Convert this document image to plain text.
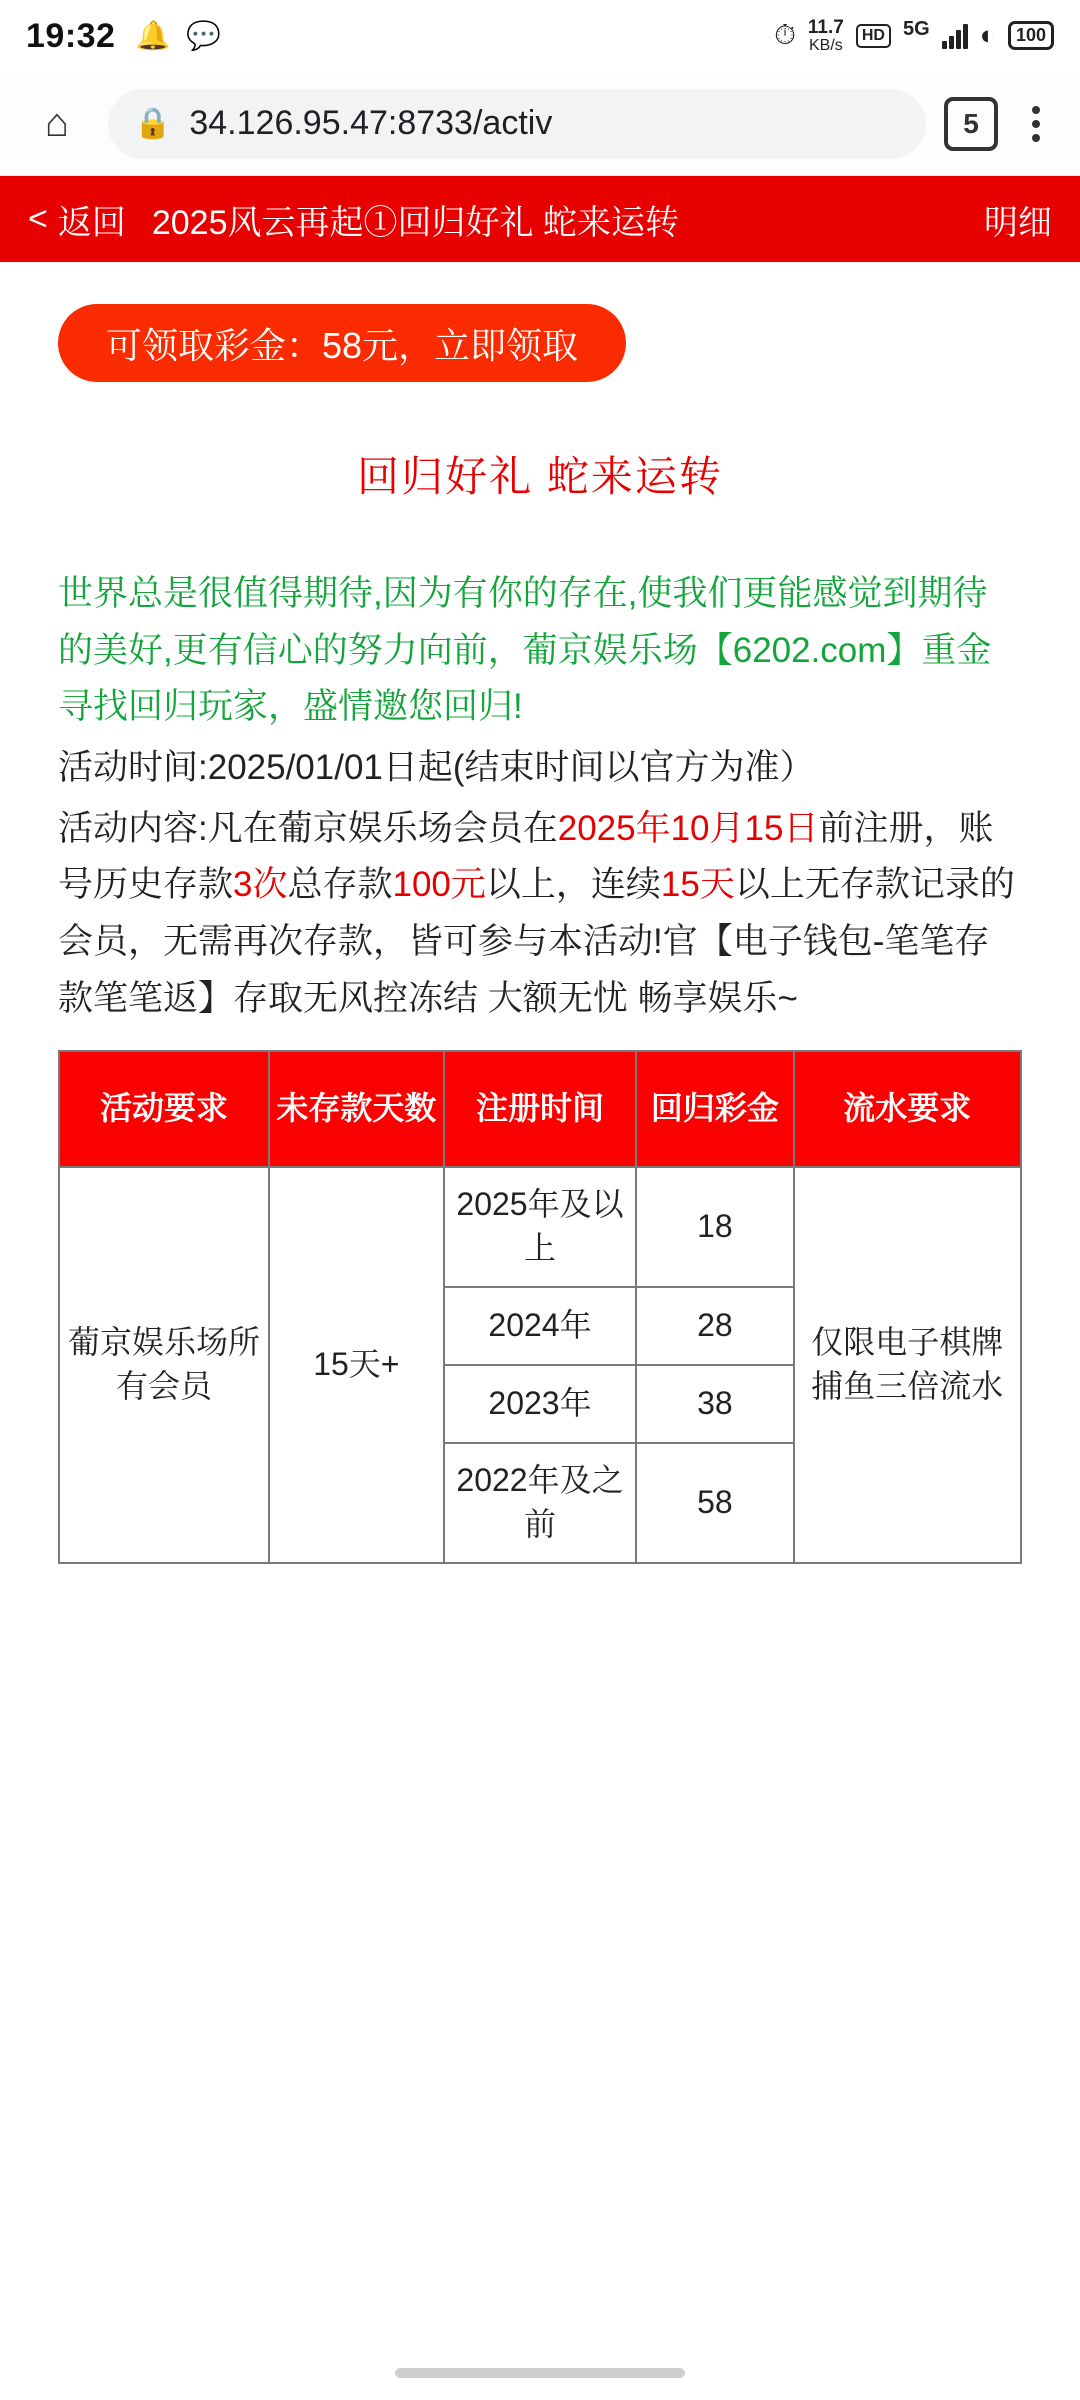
19:32 🔔 💬	⏱ 11.7
KB/s
HD 5G ◐	100
⌂	🔒 34.126.95.47:8733/activ	5
< 返回 2025风云再起①回归好礼 蛇来运转	明细
可领取彩金：58元，立即领取
回归好礼 蛇来运转
世界总是很值得期待,因为有你的存在,使我们更能感觉到期待的美好,更有信心的努力向前，葡京娱乐场【6202.com】重金寻找回归玩家，盛情邀您回归!
活动时间:2025/01/01日起(结束时间以官方为准）
活动内容:凡在葡京娱乐场会员在2025年10月15日前注册，账号历史存款3次总存款100元以上，连续15天以上无存款记录的会员，无需再次存款，皆可参与本活动!官【电子钱包-笔笔存款笔笔返】存取无风控冻结 大额无忧 畅享娱乐~
活动要求	未存款天数	注册时间	回归彩金	流水要求
葡京娱乐场所有会员	15天+	2025年及以上	18	仅限电子棋牌捕鱼三倍流水
		2024年	28	
		2023年	38	
		2022年及之前	58	
